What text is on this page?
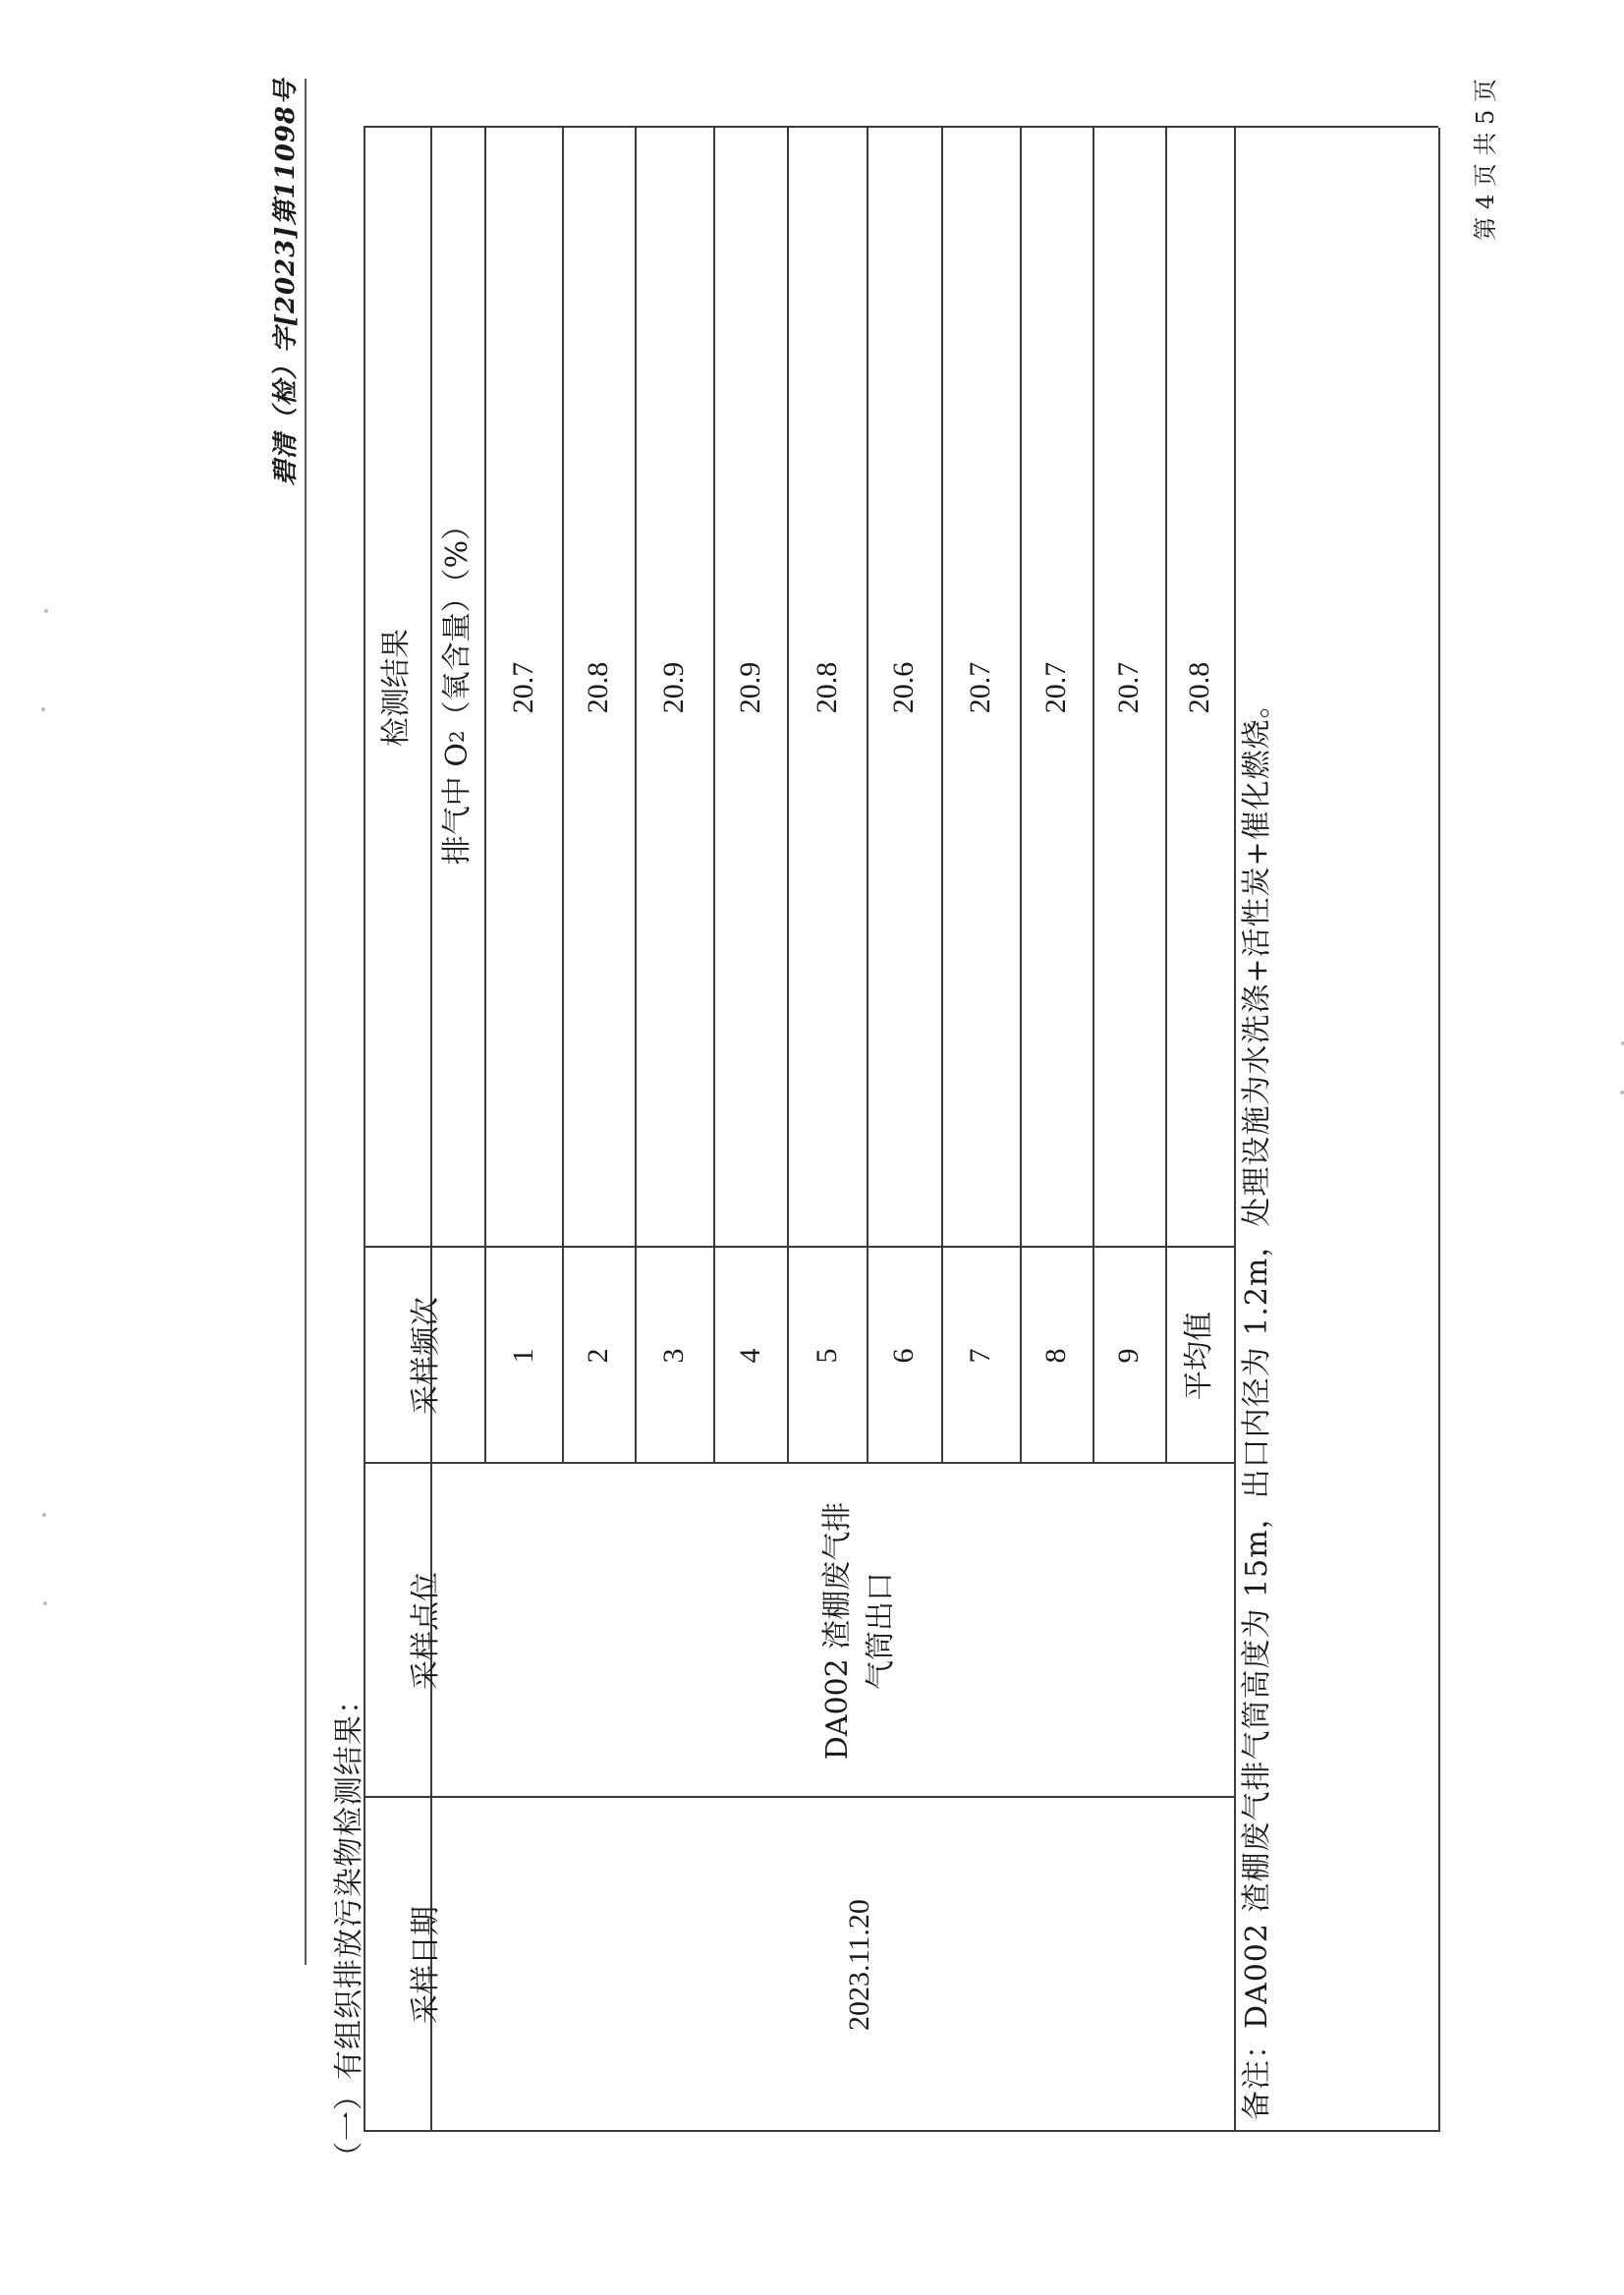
碧清（检）字[2023]第11098号
（一）有组织排放污染物检测结果：	采样日期
采样点位
采样频次
检测结果
排气中 O
2
（氧含量）（%）
2023.11.20
DA002 渣棚废气排
气筒出口
1
20.7
2
20.8
3
20.9
4
20.9
5
20.8
6
20.6
7
20.7
8
20.7
9
20.7
平均值
20.8
备注：DA002 渣棚废气排气筒高度为 15m，出口内径为 1.2m，处理设施为水洗涤+活性炭+催化燃烧。
第 4 页 共 5 页
